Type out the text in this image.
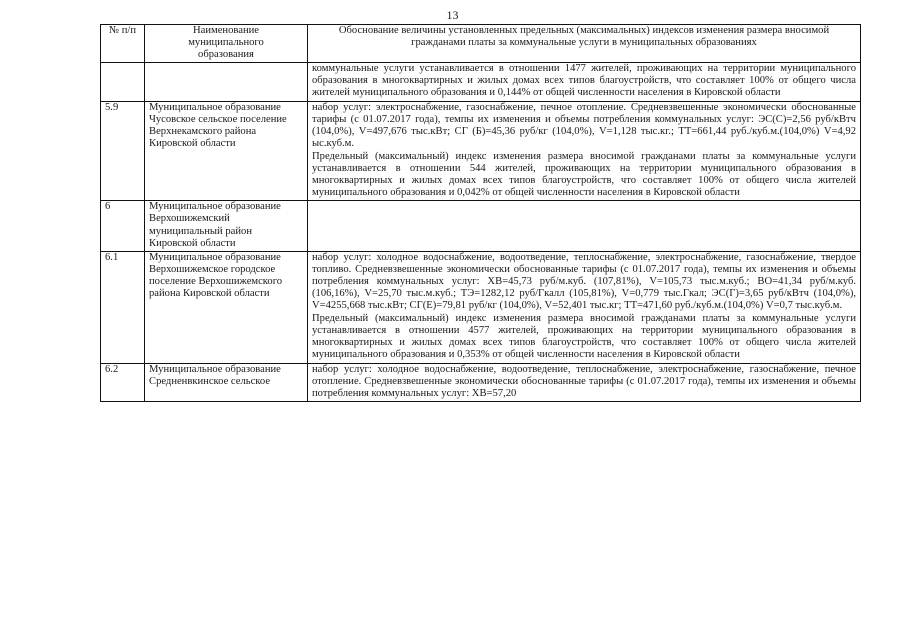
13
№ п/п	Наименование муниципального образования	Обоснование величины установленных предельных (максимальных) индексов изменения размера вносимой гражданами платы за коммунальные услуги в муниципальных образованиях

		коммунальные услуги устанавливается в отношении 1477 жителей, проживающих на территории муниципального образования в многоквартирных и жилых домах всех типов благоустройств, что составляет 100% от общего числа жителей муниципального образования и 0,144% от общей численности населения в Кировской области

5.9	Муниципальное образование Чусовское сельское поселение Верхнекамского района Кировской области	набор услуг: электроснабжение, газоснабжение, печное отопление. Средневзвешенные экономически обоснованные тарифы (с 01.07.2017 года), темпы их изменения и объемы потребления коммунальных услуг: ЭС(С)=2,56 руб/кВтч (104,0%), V=497,676 тыс.кВт; СГ (Б)=45,36 руб/кг (104,0%), V=1,128 тыс.кг.; ТТ=661,44 руб./куб.м.(104,0%) V=4,92 ыс.куб.м.

Предельный (максимальный) индекс изменения размера вносимой гражданами платы за коммунальные услуги устанавливается в отношении 544 жителей, проживающих на территории муниципального образования в многоквартирных и жилых домах всех типов благоустройств, что составляет 100% от общего числа жителей муниципального образования и 0,042% от общей численности населения в Кировской области

6	Муниципальное образование Верхошижемский муниципальный район Кировской области	
6.1	Муниципальное образование Верхошижемское городское поселение Верхошижемского района Кировской области	набор услуг: холодное водоснабжение, водоотведение, теплоснабжение, электроснабжение, газоснабжение, твердое топливо. Средневзвешенные экономически обоснованные тарифы (с 01.07.2017 года), темпы их изменения и объемы потребления коммунальных услуг: ХВ=45,73 руб/м.куб. (107,81%), V=105,73 тыс.м.куб.; ВО=41,34 руб/м.куб. (106,16%), V=25,70 тыс.м.куб.; ТЭ=1282,12 руб/Гкалл (105,81%), V=0,779 тыс.Гкал; ЭС(Г)=3,65 руб/кВтч (104,0%), V=4255,668 тыс.кВт; СГ(Е)=79,81 руб/кг (104,0%), V=52,401 тыс.кг; ТТ=471,60 руб./куб.м.(104,0%) V=0,7 тыс.куб.м.

Предельный (максимальный) индекс изменения размера вносимой гражданами платы за коммунальные услуги устанавливается в отношении 4577 жителей, проживающих на территории муниципального образования в многоквартирных и жилых домах всех типов благоустройств, что составляет 100% от общего числа жителей муниципального образования и 0,353% от общей численности населения в Кировской области

6.2	Муниципальное образование Средненвкинское сельское	набор услуг: холодное водоснабжение, водоотведение, теплоснабжение, электроснабжение, газоснабжение, печное отопление. Средневзвешенные экономически обоснованные тарифы (с 01.07.2017 года), темпы их изменения и объемы потребления коммунальных услуг: ХВ=57,20
